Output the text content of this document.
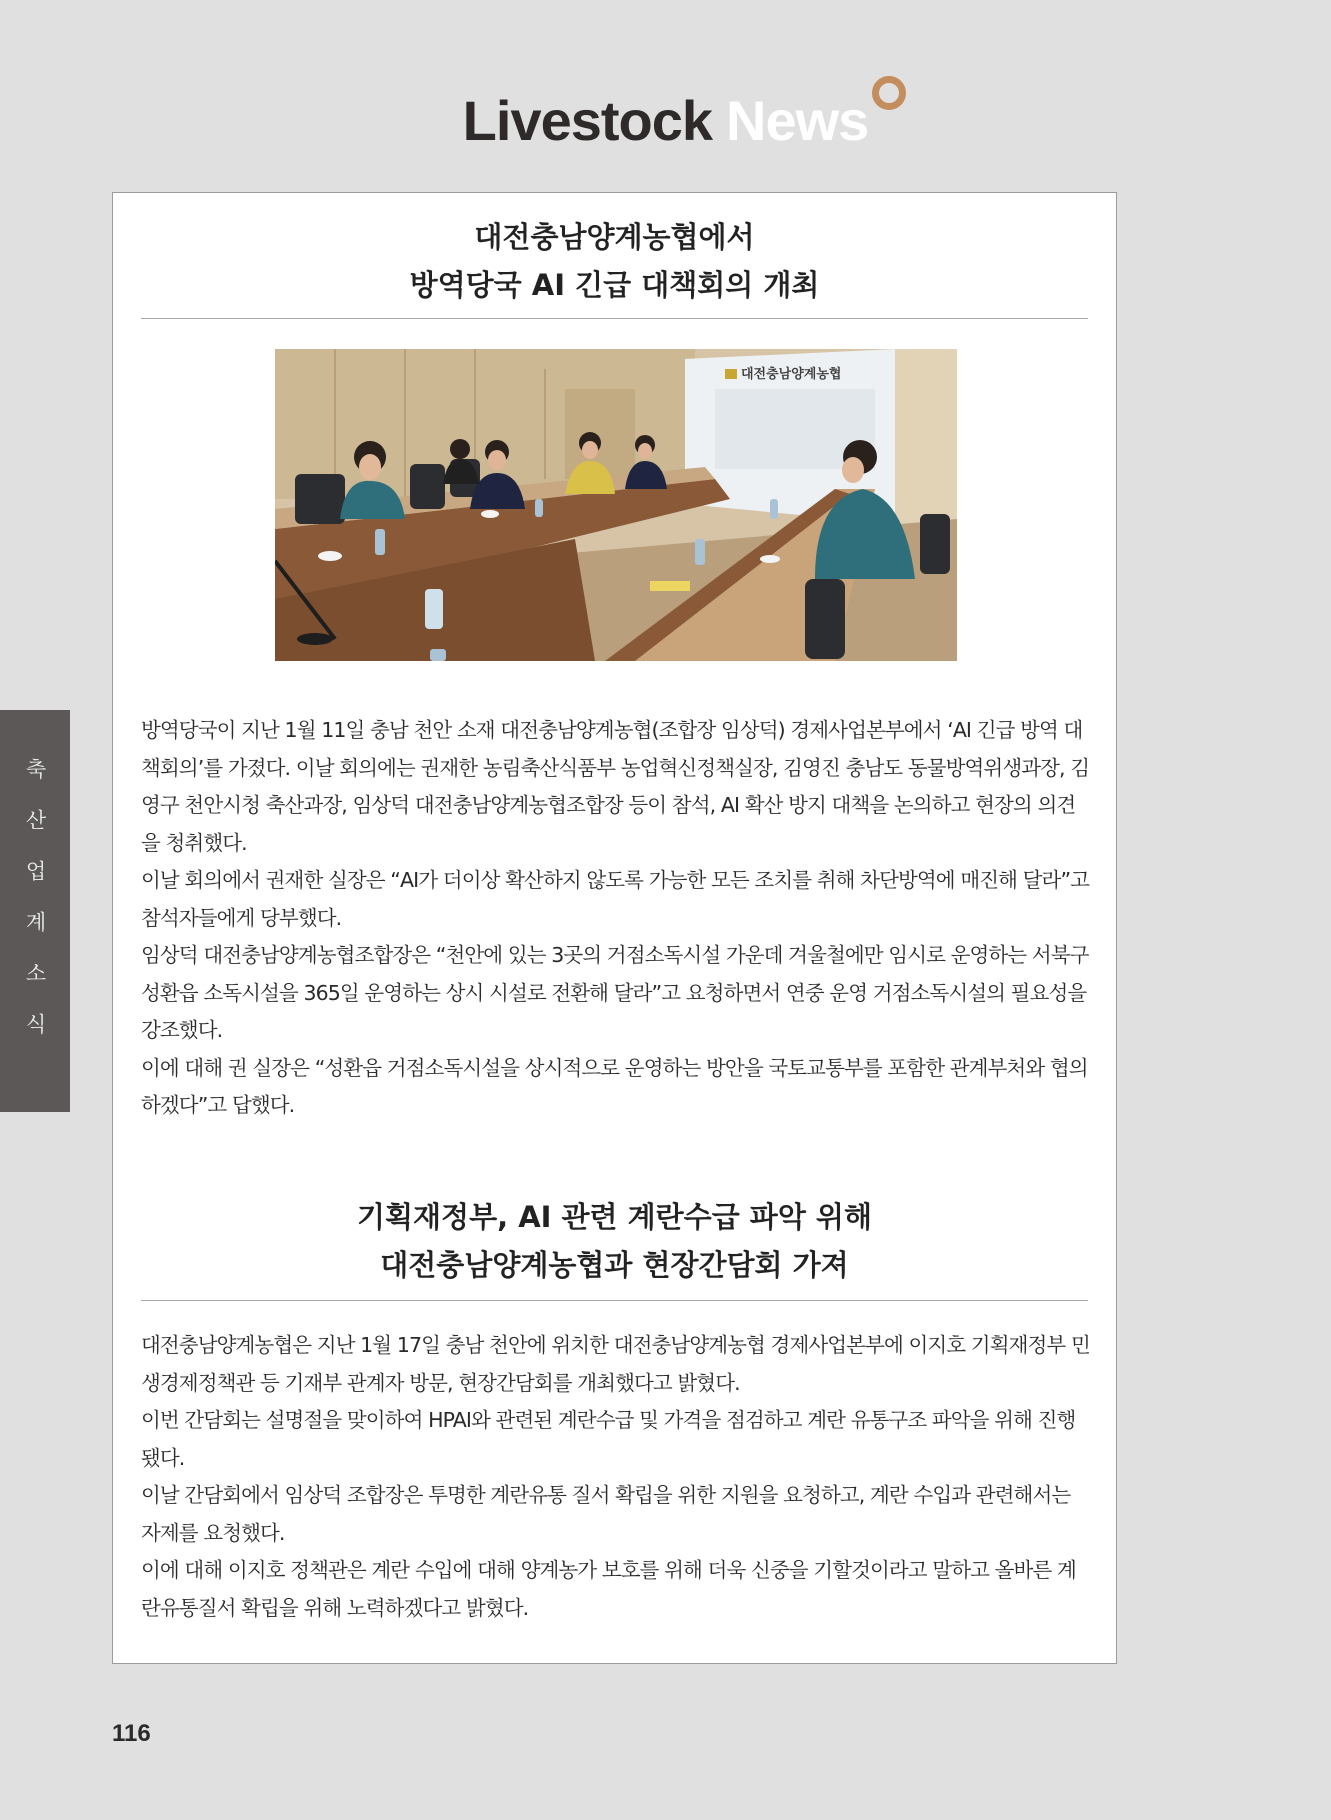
Livestock News
축산업계소식
대전충남양계농협에서
방역당국 AI 긴급 대책회의 개최
대전충남양계농협

방역당국이 지난 1월 11일 충남 천안 소재 대전충남양계농협(조합장 임상덕) 경제사업본부에서 ‘AI 긴급 방역 대책회의’를 가졌다. 이날 회의에는 권재한 농림축산식품부 농업혁신정책실장, 김영진 충남도 동물방역위생과장, 김영구 천안시청 축산과장, 임상덕 대전충남양계농협조합장 등이 참석, AI 확산 방지 대책을 논의하고 현장의 의견을 청취했다.

이날 회의에서 권재한 실장은 “AI가 더이상 확산하지 않도록 가능한 모든 조치를 취해 차단방역에 매진해 달라”고 참석자들에게 당부했다.

임상덕 대전충남양계농협조합장은 “천안에 있는 3곳의 거점소독시설 가운데 겨울철에만 임시로 운영하는 서북구 성환읍 소독시설을 365일 운영하는 상시 시설로 전환해 달라”고 요청하면서 연중 운영 거점소독시설의 필요성을 강조했다.

이에 대해 권 실장은 “성환읍 거점소독시설을 상시적으로 운영하는 방안을 국토교통부를 포함한 관계부처와 협의하겠다”고 답했다.

기획재정부, AI 관련 계란수급 파악 위해
대전충남양계농협과 현장간담회 가져

대전충남양계농협은 지난 1월 17일 충남 천안에 위치한 대전충남양계농협 경제사업본부에 이지호 기획재정부 민생경제정책관 등 기재부 관계자 방문, 현장간담회를 개최했다고 밝혔다.

이번 간담회는 설명절을 맞이하여 HPAI와 관련된 계란수급 및 가격을 점검하고 계란 유통구조 파악을 위해 진행됐다.

이날 간담회에서 임상덕 조합장은 투명한 계란유통 질서 확립을 위한 지원을 요청하고, 계란 수입과 관련해서는 자제를 요청했다.

이에 대해 이지호 정책관은 계란 수입에 대해 양계농가 보호를 위해 더욱 신중을 기할것이라고 말하고 올바른 계란유통질서 확립을 위해 노력하겠다고 밝혔다.

116
